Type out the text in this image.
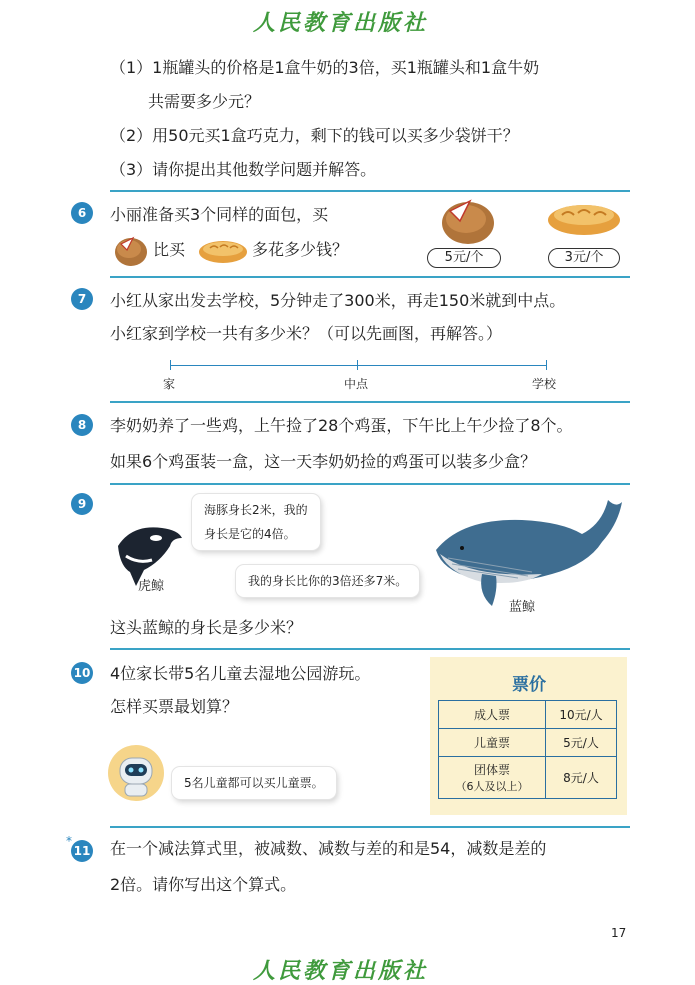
人民教育出版社
（1）1瓶罐头的价格是1盒牛奶的3倍，买1瓶罐头和1盒牛奶
共需要多少元？
（2）用50元买1盒巧克力，剩下的钱可以买多少袋饼干？
（3）请你提出其他数学问题并解答。
6	小丽准备买3个同样的面包，买
比买	多花多少钱？	5元/个	3元/个
7	小红从家出发去学校，5分钟走了300米，再走150米就到中点。
小红家到学校一共有多少米？（可以先画图，再解答。）
家	中点	学校
8	李奶奶养了一些鸡，上午捡了28个鸡蛋，下午比上午少捡了8个。
如果6个鸡蛋装一盒，这一天李奶奶捡的鸡蛋可以装多少盒？
9	海豚身长2米，我的
身长是它的4倍。
虎鲸	我的身长比你的3倍还多7米。
蓝鲸
这头蓝鲸的身长是多少米？
10 4位家长带5名儿童去湿地公园游玩。
怎样买票最划算？
5名儿童都可以买儿童票。
票价
成人票	10元/人
儿童票	5元/人

团体票
（6人及以上）	8元/人
*
11 在一个减法算式里，被减数、减数与差的和是54，减数是差的
2倍。请你写出这个算式。
17
人民教育出版社
